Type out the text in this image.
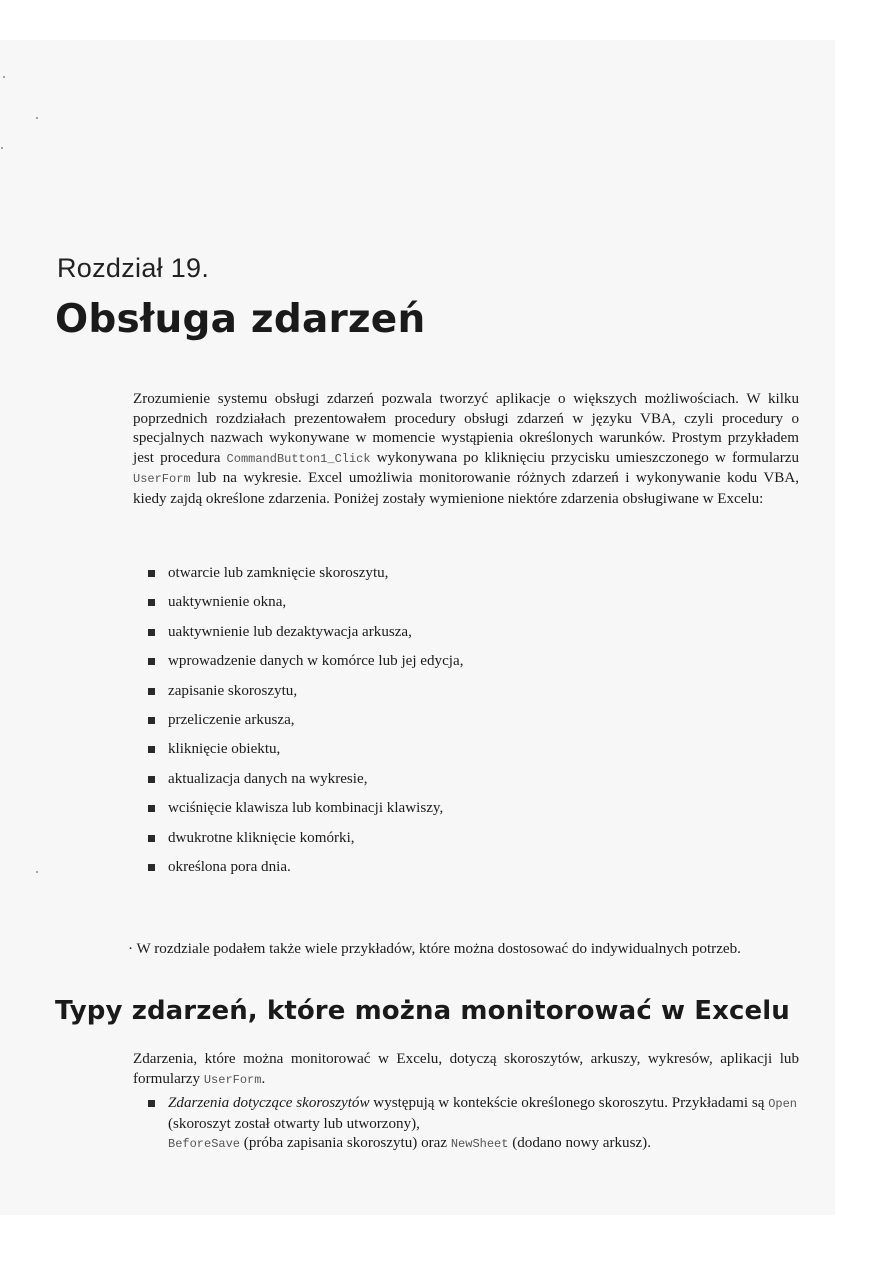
Rozdział 19.
Obsługa zdarzeń

Zrozumienie systemu obsługi zdarzeń pozwala tworzyć aplikacje o większych możliwościach. W kilku poprzednich rozdziałach prezentowałem procedury obsługi zdarzeń w języku VBA, czyli procedury o specjalnych nazwach wykonywane w momencie wystąpienia określonych warunków. Prostym przykładem jest procedura CommandButton1_Click wykonywana po kliknięciu przycisku umieszczonego w formularzu UserForm lub na wykresie. Excel umożliwia monitorowanie różnych zdarzeń i wykonywanie kodu VBA, kiedy zajdą określone zdarzenia. Poniżej zostały wymienione niektóre zdarzenia obsługiwane w Excelu:

otwarcie lub zamknięcie skoroszytu,
uaktywnienie okna,
uaktywnienie lub dezaktywacja arkusza,
wprowadzenie danych w komórce lub jej edycja,
zapisanie skoroszytu,
przeliczenie arkusza,
kliknięcie obiektu,
aktualizacja danych na wykresie,
wciśnięcie klawisza lub kombinacji klawiszy,
dwukrotne kliknięcie komórki,
określona pora dnia.

· W rozdziale podałem także wiele przykładów, które można dostosować do indywidualnych potrzeb.

Typy zdarzeń, które można monitorować w Excelu

Zdarzenia, które można monitorować w Excelu, dotyczą skoroszytów, arkuszy, wykresów, aplikacji lub formularzy UserForm.

Zdarzenia dotyczące skoroszytów występują w kontekście określonego skoroszytu. Przykładami są Open (skoroszyt został otwarty lub utworzony),
BeforeSave (próba zapisania skoroszytu) oraz NewSheet (dodano nowy arkusz).
